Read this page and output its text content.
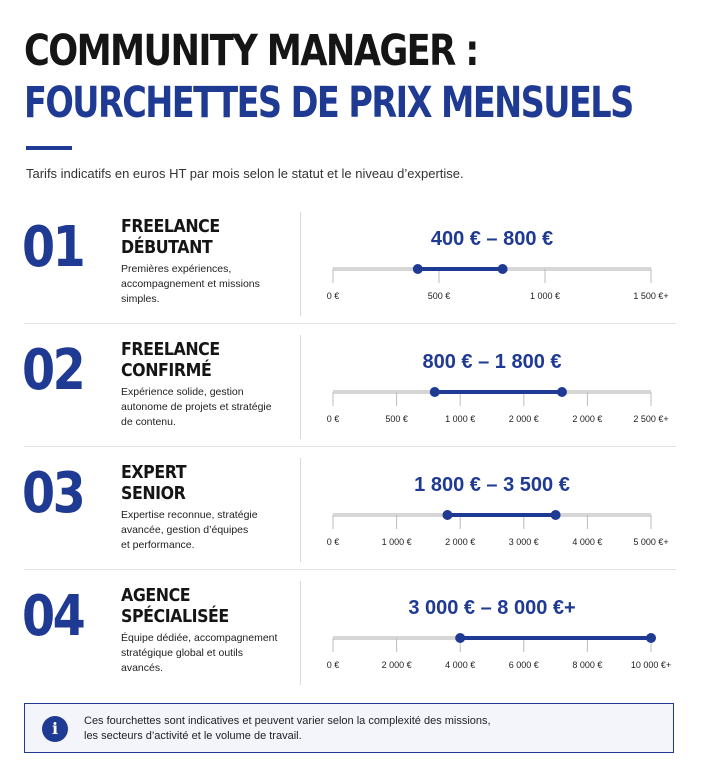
COMMUNITY MANAGER :
FOURCHETTES DE PRIX MENSUELS

Tarifs indicatifs en euros HT par mois selon le statut et le niveau d’expertise.

01 FREELANCE
DÉBUTANT
Premières expériences,
accompagnement et missions
simples.
400 € – 800 €
0 €	500 €	1 000 €	1 500 €+
02 FREELANCE
CONFIRMÉ
Expérience solide, gestion
autonome de projets et stratégie
de contenu.
800 € – 1 800 €
0 €	500 €	1 000 €	2 000 €	2 000 €	2 500 €+
03 EXPERT
SENIOR
Expertise reconnue, stratégie
avancée, gestion d’équipes
et performance.
1 800 € – 3 500 €
0 €	1 000 €	2 000 €	3 000 €	4 000 €	5 000 €+
04 AGENCE
SPÉCIALISÉE
Équipe dédiée, accompagnement
stratégique global et outils
avancés.
3 000 € – 8 000 €+
0 €	2 000 €	4 000 €	6 000 €	8 000 €	10 000 €+
i	Ces fourchettes sont indicatives et peuvent varier selon la complexité des missions,
les secteurs d’activité et le volume de travail.
